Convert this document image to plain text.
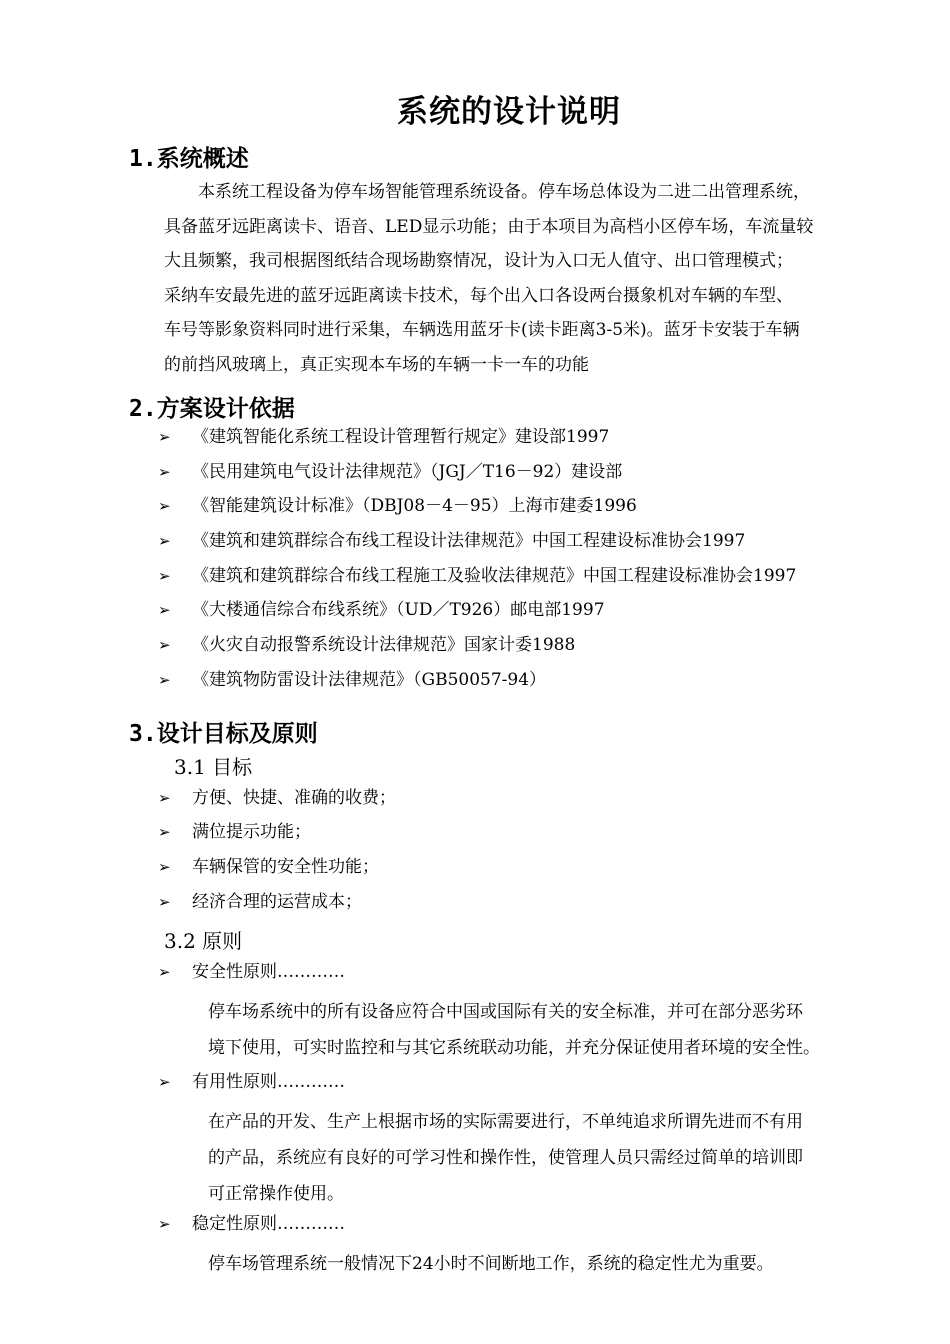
系统的设计说明
1.系统概述
　　本系统工程设备为停车场智能管理系统设备。停车场总体设为二进二出管理系统，
具备蓝牙远距离读卡、语音、LED显示功能；由于本项目为高档小区停车场，车流量较
大且频繁，我司根据图纸结合现场勘察情况，设计为入口无人值守、出口管理模式；
采纳车安最先进的蓝牙远距离读卡技术，每个出入口各设两台摄象机对车辆的车型、
车号等影象资料同时进行采集，车辆选用蓝牙卡(读卡距离3-5米)。蓝牙卡安装于车辆
的前挡风玻璃上，真正实现本车场的车辆一卡一车的功能
2.方案设计依据
➢ 《建筑智能化系统工程设计管理暂行规定》建设部1997
➢ 《民用建筑电气设计法律规范》（JGJ／T16－92）建设部
➢ 《智能建筑设计标准》（DBJ08－4－95）上海市建委1996
➢ 《建筑和建筑群综合布线工程设计法律规范》中国工程建设标准协会1997
➢ 《建筑和建筑群综合布线工程施工及验收法律规范》中国工程建设标准协会1997
➢ 《大楼通信综合布线系统》（UD／T926）邮电部1997
➢ 《火灾自动报警系统设计法律规范》国家计委1988
➢ 《建筑物防雷设计法律规范》（GB50057-94）
3.设计目标及原则
3.1 目标
➢ 方便、快捷、准确的收费；
➢ 满位提示功能；
➢ 车辆保管的安全性功能；
➢ 经济合理的运营成本；
3.2 原则
➢ 安全性原则…………
停车场系统中的所有设备应符合中国或国际有关的安全标准，并可在部分恶劣环
境下使用，可实时监控和与其它系统联动功能，并充分保证使用者环境的安全性。
➢ 有用性原则…………
在产品的开发、生产上根据市场的实际需要进行，不单纯追求所谓先进而不有用
的产品，系统应有良好的可学习性和操作性，使管理人员只需经过简单的培训即
可正常操作使用。
➢ 稳定性原则…………
停车场管理系统一般情况下24小时不间断地工作，系统的稳定性尤为重要。
